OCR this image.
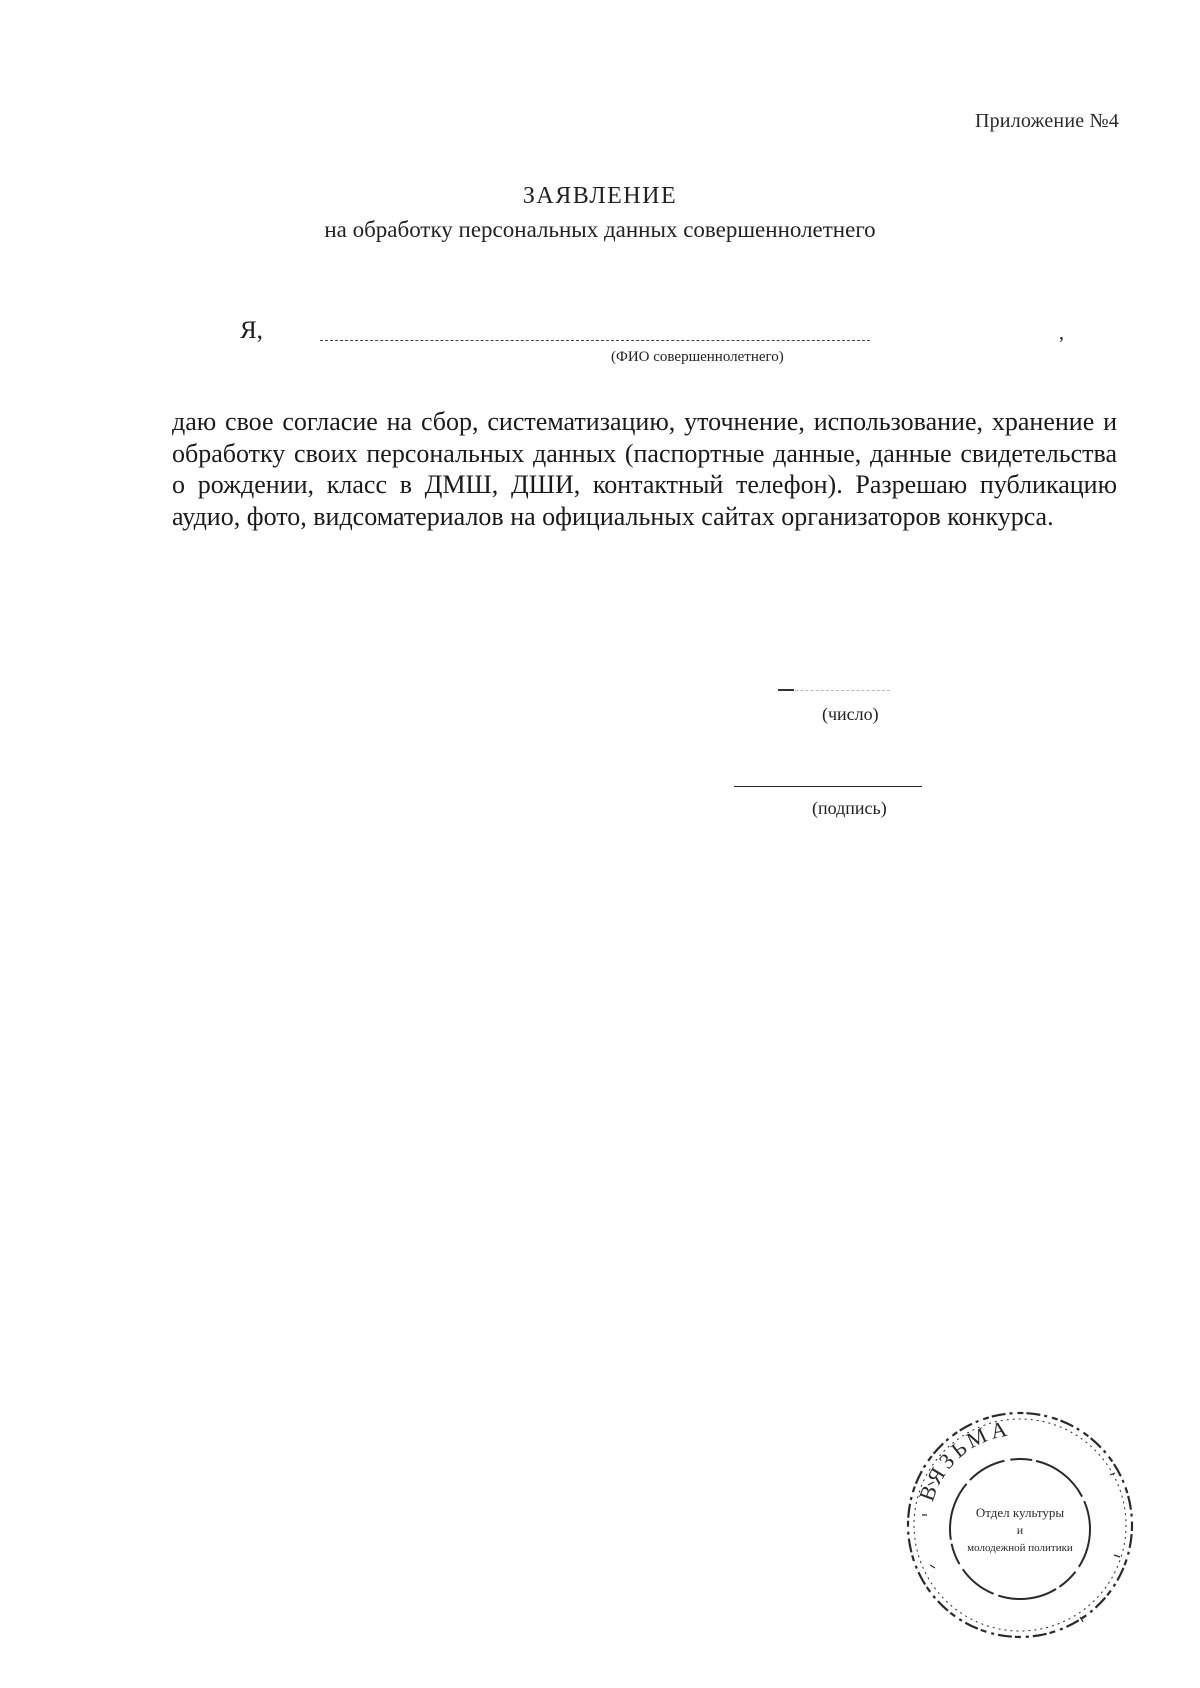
Приложение №4
ЗАЯВЛЕНИЕ
на обработку персональных данных совершеннолетнего
Я,	,
(ФИО совершеннолетнего)
даю свое согласие на сбор, систематизацию, уточнение, использование, хранение и обработку своих персональных данных (паспортные данные, данные свидетельства о рождении, класс в ДМШ, ДШИ, контактный телефон). Разрешаю публикацию аудио, фото, видсоматериалов на официальных сайтах организаторов конкурса.
(число)
(подпись)
ВЯЗЬМА
Отдел культуры
и
молодежной политики
